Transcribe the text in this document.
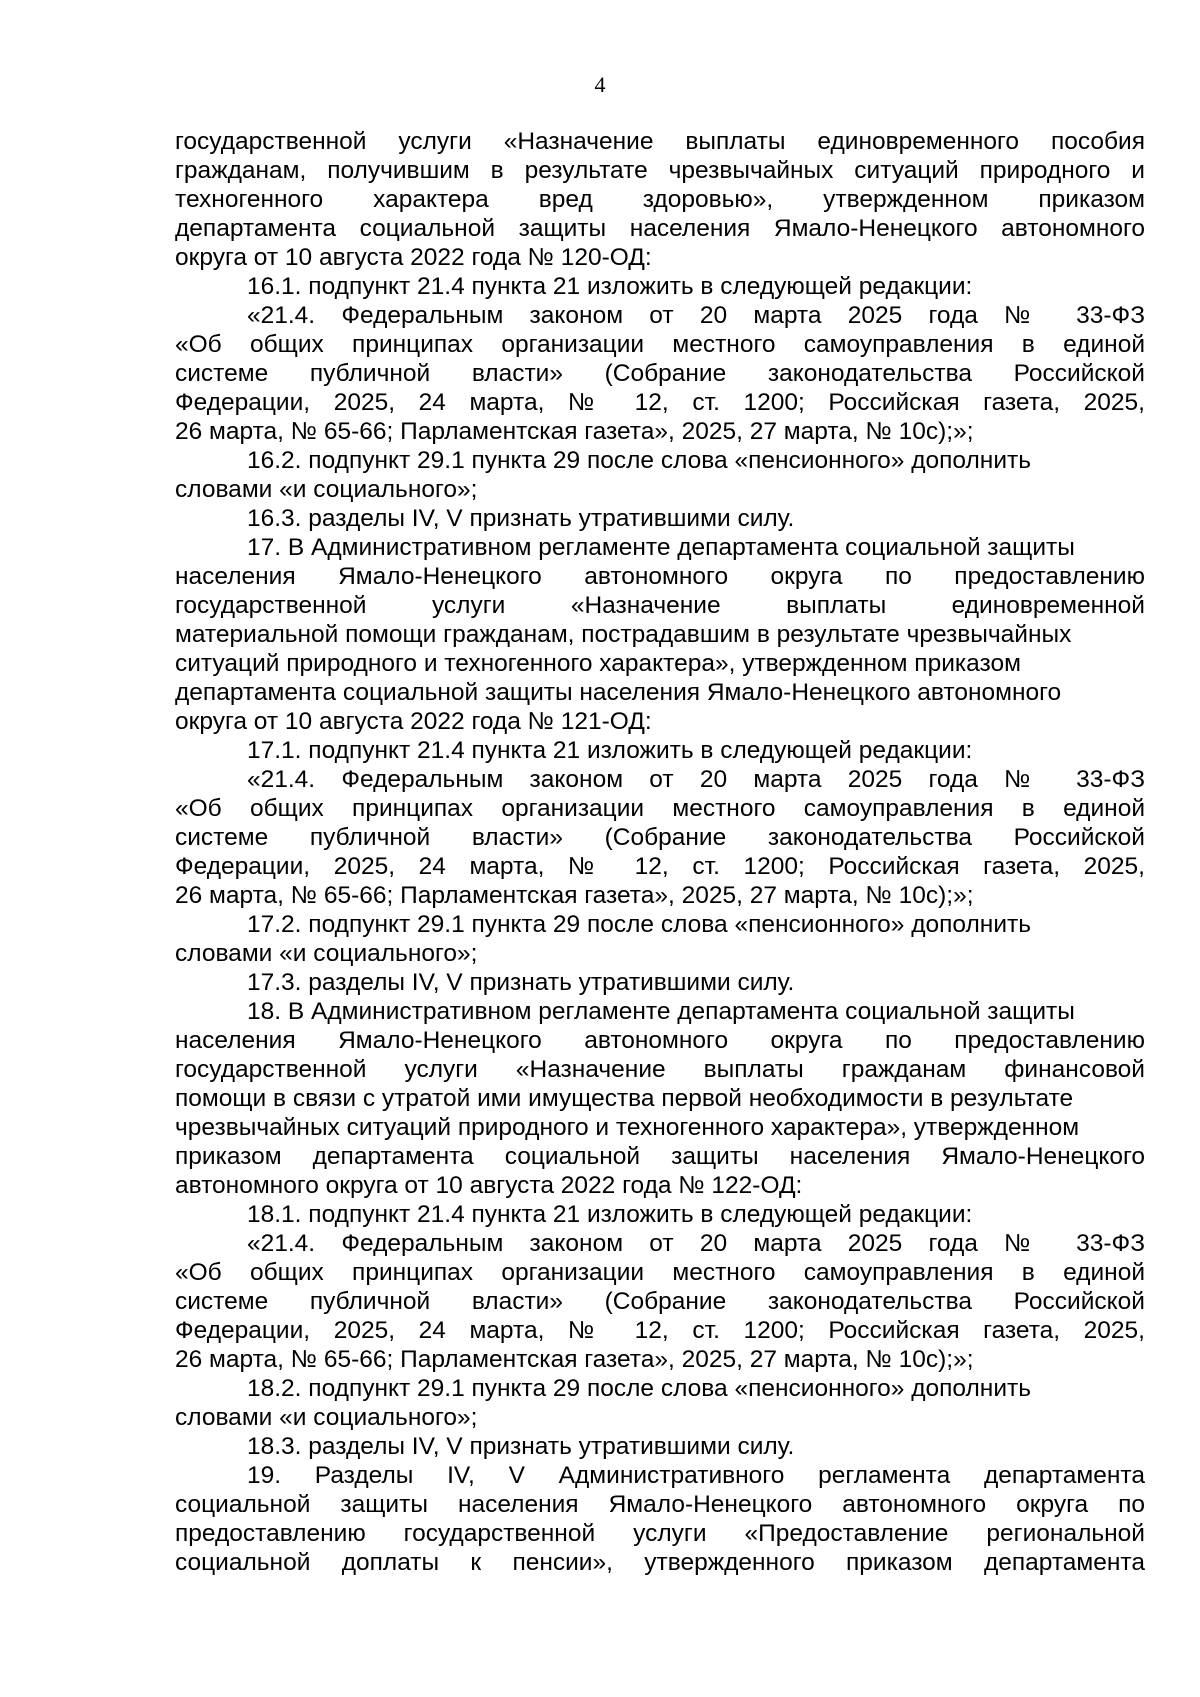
4
государственной услуги «Назначение выплаты единовременного пособия
гражданам, получившим в результате чрезвычайных ситуаций природного и
техногенного характера вред здоровью», утвержденном приказом
департамента социальной защиты населения Ямало-Ненецкого автономного
округа от 10 августа 2022 года № 120-ОД:
16.1. подпункт 21.4 пункта 21 изложить в следующей редакции:
«21.4. Федеральным законом от 20 марта 2025 года № 33-ФЗ
«Об общих принципах организации местного самоуправления в единой
системе публичной власти» (Собрание законодательства Российской
Федерации, 2025, 24 марта, № 12, ст. 1200; Российская газета, 2025,
26 марта, № 65-66; Парламентская газета», 2025, 27 марта, № 10с);»;
16.2. подпункт 29.1 пункта 29 после слова «пенсионного» дополнить
словами «и социального»;
16.3. разделы IV, V признать утратившими силу.
17. В Административном регламенте департамента социальной защиты
населения Ямало-Ненецкого автономного округа по предоставлению
государственной услуги «Назначение выплаты единовременной
материальной помощи гражданам, пострадавшим в результате чрезвычайных
ситуаций природного и техногенного характера», утвержденном приказом
департамента социальной защиты населения Ямало-Ненецкого автономного
округа от 10 августа 2022 года № 121-ОД:
17.1. подпункт 21.4 пункта 21 изложить в следующей редакции:
«21.4. Федеральным законом от 20 марта 2025 года № 33-ФЗ
«Об общих принципах организации местного самоуправления в единой
системе публичной власти» (Собрание законодательства Российской
Федерации, 2025, 24 марта, № 12, ст. 1200; Российская газета, 2025,
26 марта, № 65-66; Парламентская газета», 2025, 27 марта, № 10с);»;
17.2. подпункт 29.1 пункта 29 после слова «пенсионного» дополнить
словами «и социального»;
17.3. разделы IV, V признать утратившими силу.
18. В Административном регламенте департамента социальной защиты
населения Ямало-Ненецкого автономного округа по предоставлению
государственной услуги «Назначение выплаты гражданам финансовой
помощи в связи с утратой ими имущества первой необходимости в результате
чрезвычайных ситуаций природного и техногенного характера», утвержденном
приказом департамента социальной защиты населения Ямало-Ненецкого
автономного округа от 10 августа 2022 года № 122-ОД:
18.1. подпункт 21.4 пункта 21 изложить в следующей редакции:
«21.4. Федеральным законом от 20 марта 2025 года № 33-ФЗ
«Об общих принципах организации местного самоуправления в единой
системе публичной власти» (Собрание законодательства Российской
Федерации, 2025, 24 марта, № 12, ст. 1200; Российская газета, 2025,
26 марта, № 65-66; Парламентская газета», 2025, 27 марта, № 10с);»;
18.2. подпункт 29.1 пункта 29 после слова «пенсионного» дополнить
словами «и социального»;
18.3. разделы IV, V признать утратившими силу.
19. Разделы IV, V Административного регламента департамента
социальной защиты населения Ямало-Ненецкого автономного округа по
предоставлению государственной услуги «Предоставление региональной
социальной доплаты к пенсии», утвержденного приказом департамента
